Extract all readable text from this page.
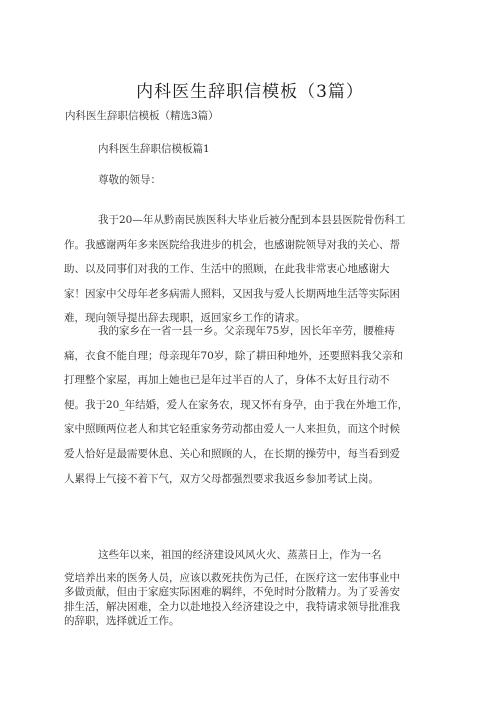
内科医生辞职信模板（3篇）
内科医生辞职信模板（精选3篇）
内科医生辞职信模板篇1
尊敬的领导：
我于20—年从黔南民族医科大毕业后被分配到本县县医院骨伤科工
作。我感谢两年多来医院给我进步的机会，也感谢院领导对我的关心、帮
助、以及同事们对我的工作、生活中的照顾，在此我非常衷心地感谢大
家！因家中父母年老多病需人照料，又因我与爱人长期两地生活等实际困
难，现向领导提出辞去现职，返回家乡工作的请求。
我的家乡在一省一县一乡。父亲现年75岁，因长年辛劳，腰椎痔
痛，衣食不能自理；母亲现年70岁，除了耕田种地外，还要照料我父亲和
打理整个家屋，再加上她也已是年过半百的人了，身体不太好且行动不
便。我于20_年结婚，爱人在家务农，现又怀有身孕，由于我在外地工作，
家中照顾两位老人和其它轻重家务劳动都由爱人一人来担负，而这个时候
爱人恰好是最需要休息、关心和照顾的人，在长期的操劳中，每当看到爱
人累得上气接不着下气，双方父母都强烈要求我返乡参加考试上岗。
这些年以来，祖国的经济建设风风火火、蒸蒸日上，作为一名
党培养出来的医务人员，应该以救死扶伤为己任，在医疗这一宏伟事业中
多做贡献，但由于家庭实际困难的羁绊，不免时时分散精力。为了妥善安
排生活，解决困难，全力以赴地投入经济建设之中，我特请求领导批准我
的辞职，选择就近工作。
